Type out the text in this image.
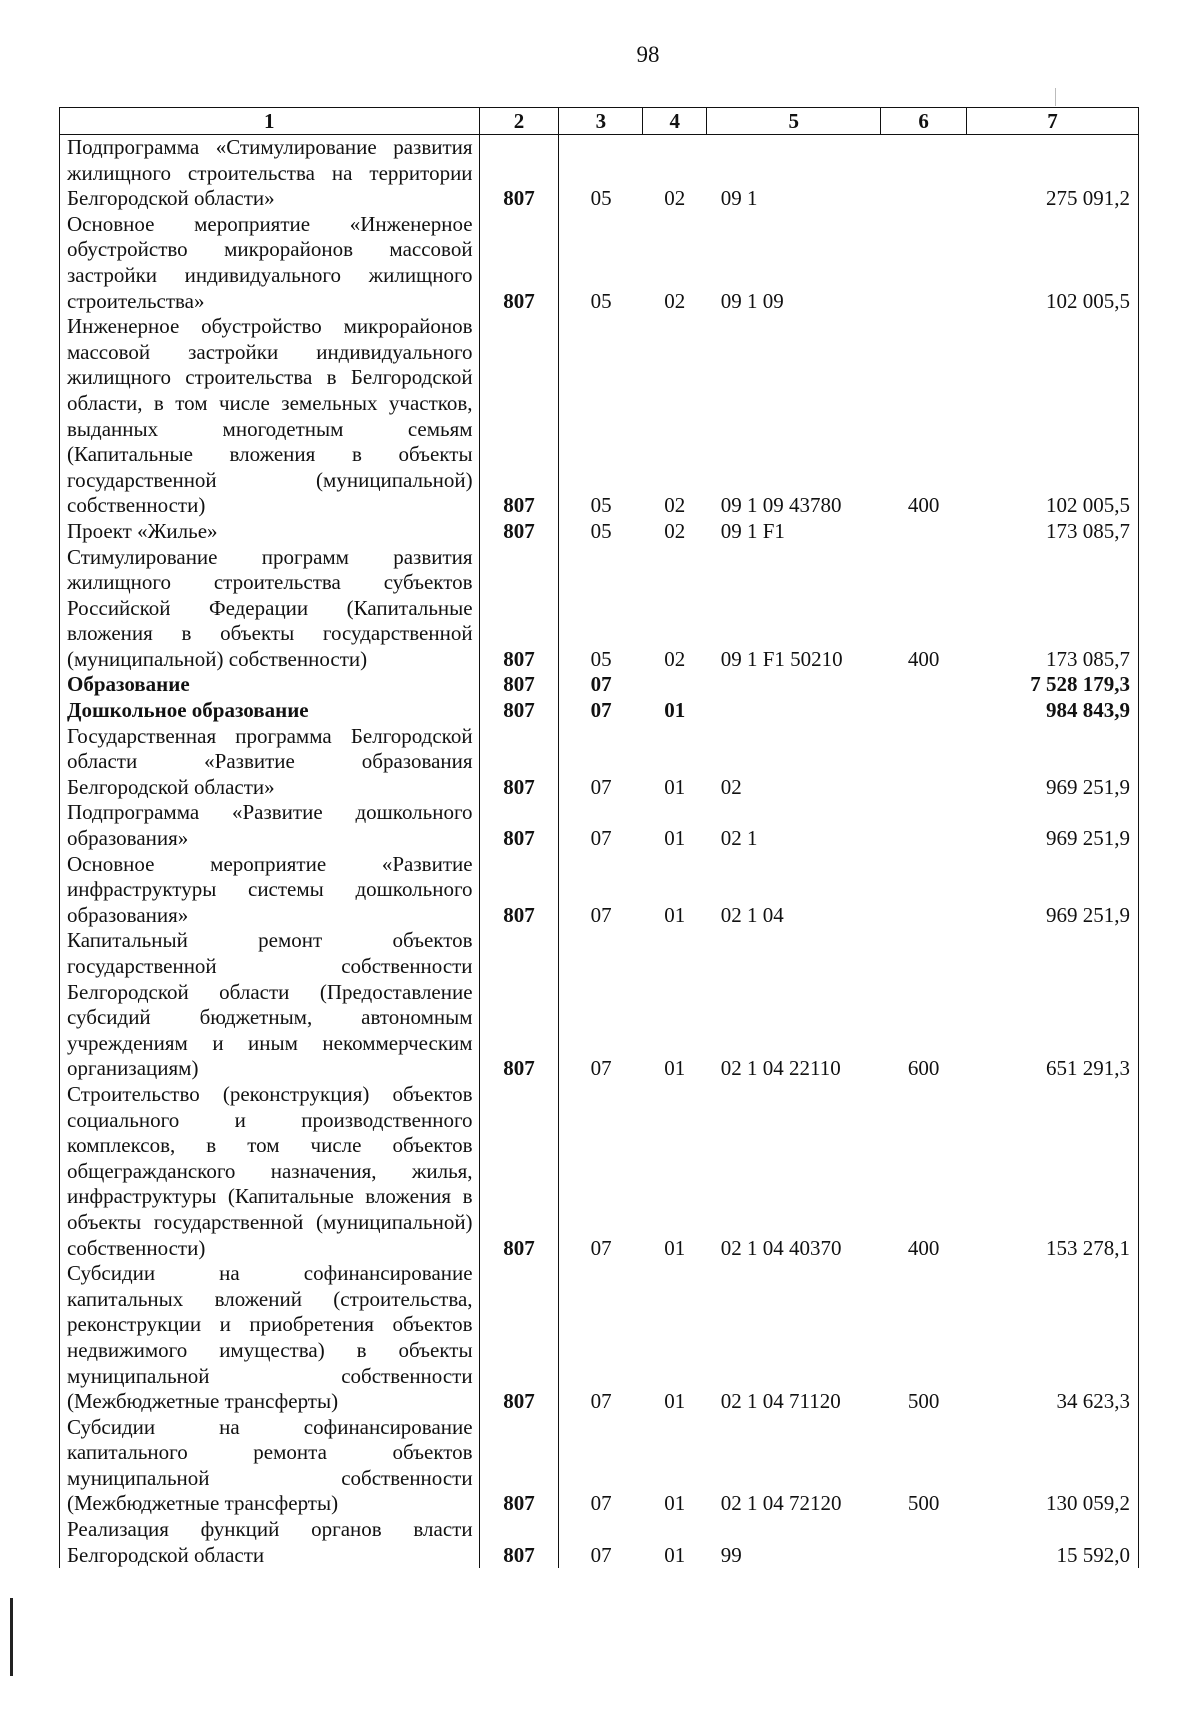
98
1	2	3	4	5	6	7
Подпрограмма «Стимулирование развития жилищного строительства на территории Белгородской области»	807	05	02	09 1		275 091,2
Основное мероприятие «Инженерное обустройство микрорайонов массовой застройки индивидуального жилищного строительства»	807	05	02	09 1 09		102 005,5
Инженерное обустройство микрорайонов массовой застройки индивидуального жилищного строительства в Белгородской области, в том числе земельных участков, выданных многодетным семьям (Капитальные вложения в объекты государственной (муниципальной) собственности)	807	05	02	09 1 09 43780	400	102 005,5
Проект «Жилье»	807	05	02	09 1 F1		173 085,7
Стимулирование программ развития жилищного строительства субъектов Российской Федерации (Капитальные вложения в объекты государственной (муниципальной) собственности)	807	05	02	09 1 F1 50210	400	173 085,7
Образование	807	07				7 528 179,3
Дошкольное образование	807	07	01			984 843,9
Государственная программа Белгородской области «Развитие образования Белгородской области»	807	07	01	02		969 251,9
Подпрограмма «Развитие дошкольного образования»	807	07	01	02 1		969 251,9
Основное мероприятие «Развитие инфраструктуры системы дошкольного образования»	807	07	01	02 1 04		969 251,9
Капитальный ремонт объектов государственной собственности Белгородской области (Предоставление субсидий бюджетным, автономным учреждениям и иным некоммерческим организациям)	807	07	01	02 1 04 22110	600	651 291,3
Строительство (реконструкция) объектов социального и производственного комплексов, в том числе объектов общегражданского назначения, жилья, инфраструктуры (Капитальные вложения в объекты государственной (муниципальной) собственности)	807	07	01	02 1 04 40370	400	153 278,1
Субсидии на софинансирование капитальных вложений (строительства, реконструкции и приобретения объектов недвижимого имущества) в объекты муниципальной собственности (Межбюджетные трансферты)	807	07	01	02 1 04 71120	500	34 623,3
Субсидии на софинансирование капитального ремонта объектов муниципальной собственности (Межбюджетные трансферты)	807	07	01	02 1 04 72120	500	130 059,2
Реализация функций органов власти Белгородской области	807	07	01	99		15 592,0
